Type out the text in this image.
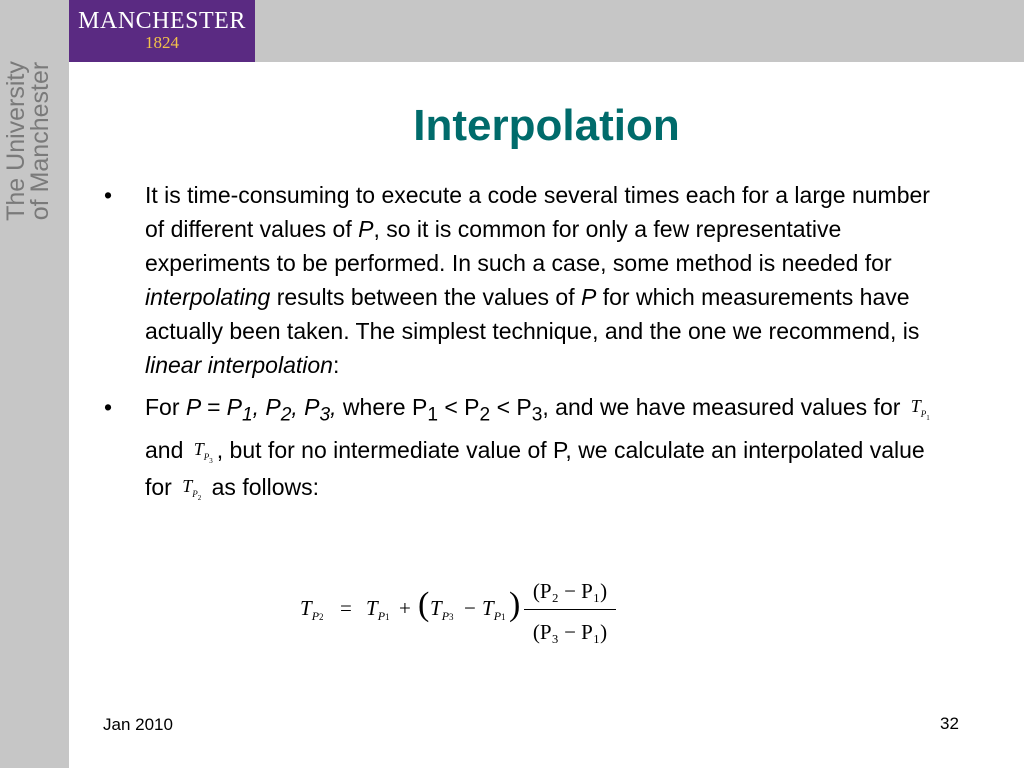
MANCHESTER
1824
The University
of Manchester	Interpolation
• It is time-consuming to execute a code several times each for a large number of different values of P, so it is common for only a few representative experiments to be performed. In such a case, some method is needed for interpolating results between the values of P for which measurements have actually been taken. The simplest technique, and the one we recommend, is linear interpolation:
• For $P = P_1$, $P_2$, $P_3$, where $P_1 < P_2 < P_3$, and we have measured values for $T_{P_1}$ and $T_{P_3}$ , but for no intermediate value of P, we calculate an interpolated value for $T_{P_2}$ as follows:
$T_{P2} = T_{P1}$ + ( $T_{P3} - T_{P1}$ ) (P₂ − P₁)
(P₃ − P₁)
Jan 2010	32
